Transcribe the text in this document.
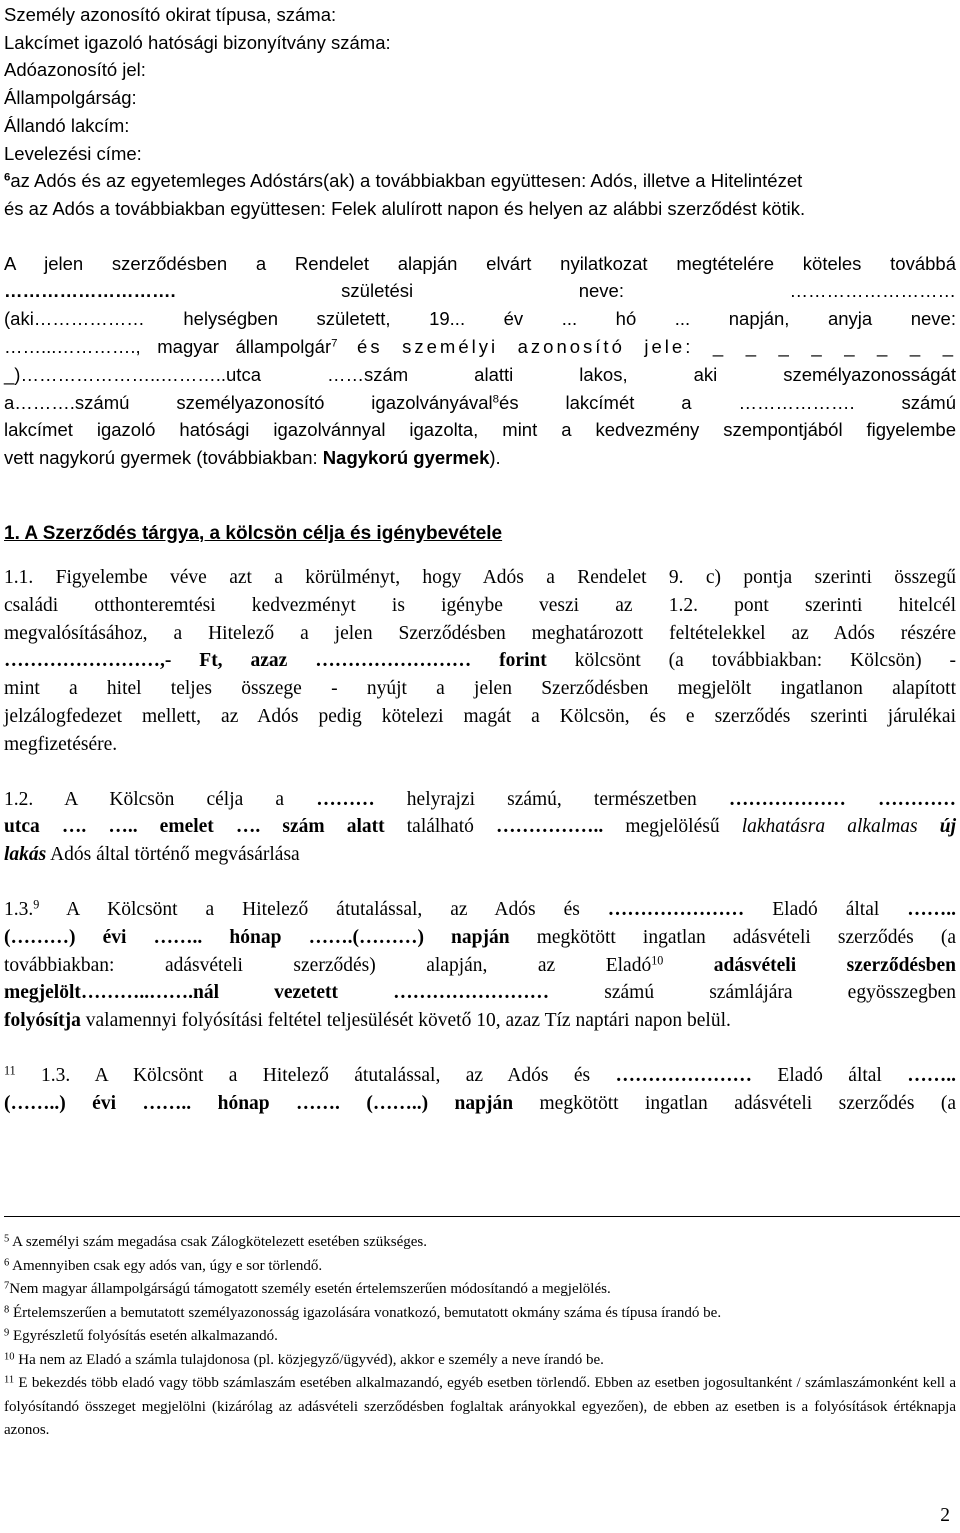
Személy azonosító okirat típusa, száma:

Lakcímet igazoló hatósági bizonyítvány száma:

Adóazonosító jel:

Állampolgárság:

Állandó lakcím:

Levelezési címe:

$^6$az Adós és az egyetemleges Adóstárs(ak) a továbbiakban együttesen: Adós, illetve a Hitelintézet

és az Adós a továbbiakban együttesen: Felek alulírott napon és helyen az alábbi szerződést kötik.

A jelen szerződésben a Rendelet alapján elvárt nyilatkozat megtételére köteles továbbá
………………………. születési neve: ………………………
(aki……………… helységben született, 19... év ... hó ... napján, anyja neve:
……...…………., magyar állampolgár$^7$ és személyi azonosító jele: _ _ _ _ _ _ _ _
_)…………………..………..utca ……szám alatti lakos, aki személyazonosságát
a……….számú személyazonosító igazolványával$^8$és lakcímét a ………………. számú
lakcímet igazoló hatósági igazolvánnyal igazolta, mint a kedvezmény szempontjából figyelembe
vett nagykorú gyermek (továbbiakban: Nagykorú gyermek).

1. A Szerződés tárgya, a kölcsön célja és igénybevétele

1.1. Figyelembe véve azt a körülményt, hogy Adós a Rendelet 9. c) pontja szerinti összegű
családi otthonteremtési kedvezményt is igénybe veszi az 1.2. pont szerinti hitelcél
megvalósításához, a Hitelező a jelen Szerződésben meghatározott feltételekkel az Adós részére
……………………,- Ft, azaz …………………… forint kölcsönt (a továbbiakban: Kölcsön) -
mint a hitel teljes összege - nyújt a jelen Szerződésben megjelölt ingatlanon alapított
jelzálogfedezet mellett, az Adós pedig kötelezi magát a Kölcsön, és e szerződés szerinti járulékai
megfizetésére.
1.2. A Kölcsön célja a ……… helyrajzi számú, természetben ……………… …………
utca …. ….. emelet …. szám alatt található …………….. megjelölésű lakhatásra alkalmas új
lakás Adós által történő megvásárlása
1.3.$^9$ A Kölcsönt a Hitelező átutalással, az Adós és ………………… Eladó által ……..
(………) évi …….. hónap …….(………) napján megkötött ingatlan adásvételi szerződés (a
továbbiakban: adásvételi szerződés) alapján, az Eladó$^{10}$ adásvételi szerződésben
megjelölt………..…….nál vezetett …………………… számú számlájára egyösszegben
folyósítja valamennyi folyósítási feltétel teljesülését követő 10, azaz Tíz naptári napon belül.
$^{11}$ 1.3. A Kölcsönt a Hitelező átutalással, az Adós és ………………… Eladó által ……..
(……..) évi …….. hónap ……. (……..) napján megkötött ingatlan adásvételi szerződés (a

$^5$ A személyi szám megadása csak Zálogkötelezett esetében szükséges.

$^6$ Amennyiben csak egy adós van, úgy e sor törlendő.

$^7$Nem magyar állampolgárságú támogatott személy esetén értelemszerűen módosítandó a megjelölés.

$^8$ Értelemszerűen a bemutatott személyazonosság igazolására vonatkozó, bemutatott okmány száma és típusa írandó be.

$^9$ Egyrészletű folyósítás esetén alkalmazandó.

$^{10}$ Ha nem az Eladó a számla tulajdonosa (pl. közjegyző/ügyvéd), akkor e személy a neve írandó be.

$^{11}$ E bekezdés több eladó vagy több számlaszám esetében alkalmazandó, egyéb esetben törlendő. Ebben az esetben jogosultanként / számlaszámonként kell a folyósítandó összeget megjelölni (kizárólag az adásvételi szerződésben foglaltak arányokkal egyezően), de ebben az esetben is a folyósítások értéknapja azonos.

2
